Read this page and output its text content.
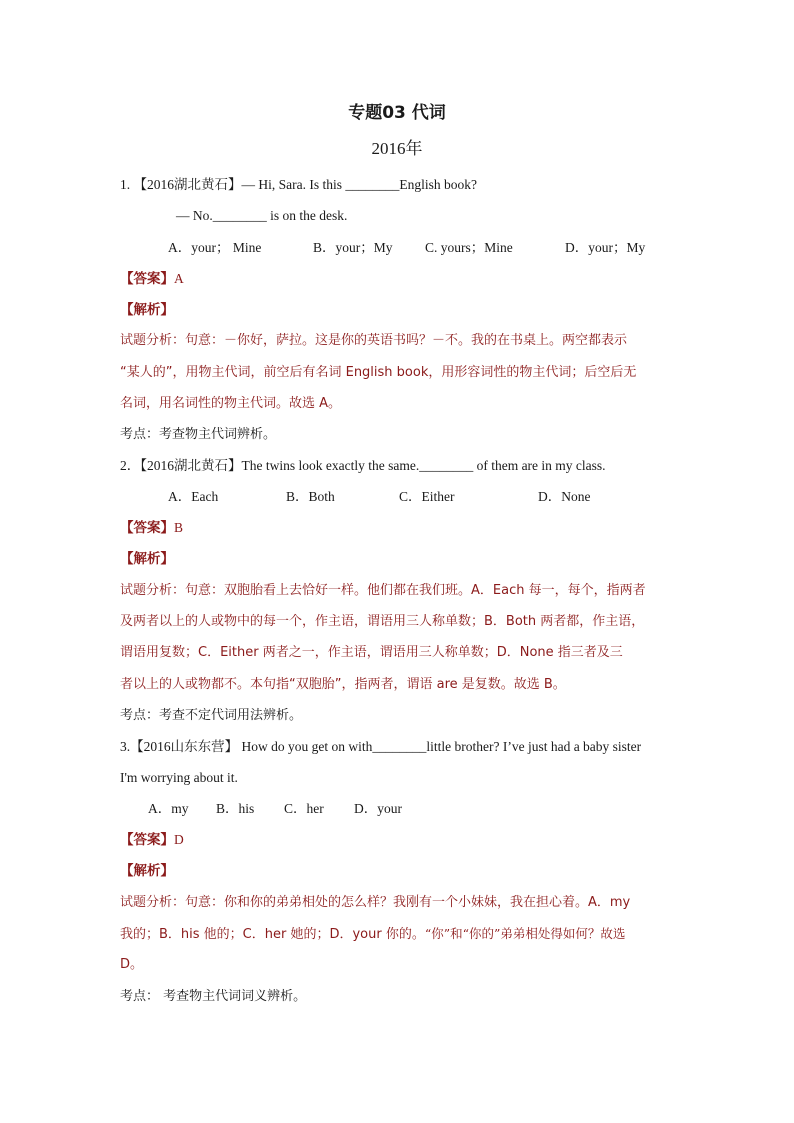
专题03 代词
2016年
1. 【2016湖北黄石】— Hi, Sara. Is this ________English book?
— No.________ is on the desk.
A．your； Mine	B．your；My C. yours；Mine	D．your；My
【答案】A
【解析】
试题分析：句意：－你好，萨拉。这是你的英语书吗？－不。我的在书桌上。两空都表示
“某人的”，用物主代词，前空后有名词 English book，用形容词性的物主代词；后空后无
名词，用名词性的物主代词。故选 A。
考点：考查物主代词辨析。
2．【2016湖北黄石】The twins look exactly the same.________ of them are in my class.
A．Each	B．Both	C．Either	D．None
【答案】B
【解析】
试题分析：句意：双胞胎看上去恰好一样。他们都在我们班。A．Each 每一，每个，指两者
及两者以上的人或物中的每一个，作主语，谓语用三人称单数；B．Both 两者都，作主语，
谓语用复数；C．Either 两者之一，作主语，谓语用三人称单数；D．None 指三者及三
者以上的人或物都不。本句指“双胞胎”，指两者，谓语 are 是复数。故选 B。
考点：考查不定代词用法辨析。
3.【2016山东东营】 How do you get on with________little brother? I’ve just had a baby sister
I'm worrying about it.
A．my B．his C．her D．your
【答案】D
【解析】
试题分析：句意：你和你的弟弟相处的怎么样？我刚有一个小妹妹，我在担心着。A．my
我的；B．his 他的；C．her 她的；D．your 你的。“你”和“你的”弟弟相处得如何？故选
D。
考点： 考查物主代词词义辨析。
